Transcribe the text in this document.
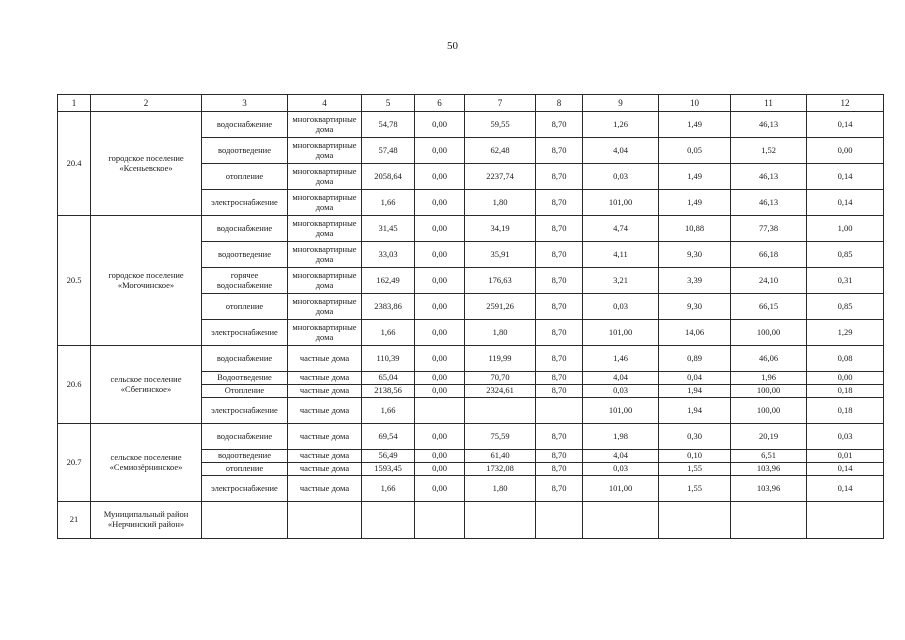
50
1	2	3	4	5	6	7	8	9	10	11	12
20.4	городское поселение «Ксеньевское»	водоснабжение	многоквартирные дома	54,78	0,00	59,55	8,70	1,26	1,49	46,13	0,14
		водоотведение	многоквартирные дома	57,48	0,00	62,48	8,70	4,04	0,05	1,52	0,00
		отопление	многоквартирные дома	2058,64	0,00	2237,74	8,70	0,03	1,49	46,13	0,14
		электроснабжение	многоквартирные дома	1,66	0,00	1,80	8,70	101,00	1,49	46,13	0,14
20.5	городское поселение «Могочинское»	водоснабжение	многоквартирные дома	31,45	0,00	34,19	8,70	4,74	10,88	77,38	1,00
		водоотведение	многоквартирные дома	33,03	0,00	35,91	8,70	4,11	9,30	66,18	0,85
		горячее водоснабжение	многоквартирные дома	162,49	0,00	176,63	8,70	3,21	3,39	24,10	0,31
		отопление	многоквартирные дома	2383,86	0,00	2591,26	8,70	0,03	9,30	66,15	0,85
		электроснабжение	многоквартирные дома	1,66	0,00	1,80	8,70	101,00	14,06	100,00	1,29
20.6	сельское поселение «Сбегинское»	водоснабжение	частные дома	110,39	0,00	119,99	8,70	1,46	0,89	46,06	0,08
		Водоотведение	частные дома	65,04	0,00	70,70	8,70	4,04	0,04	1,96	0,00
		Отопление	частные дома	2138,56	0,00	2324,61	8,70	0,03	1,94	100,00	0,18
		электроснабжение	частные дома	1,66				101,00	1,94	100,00	0,18
20.7	сельское поселение «Семиозёрнинское»	водоснабжение	частные дома	69,54	0,00	75,59	8,70	1,98	0,30	20,19	0,03
		водоотведение	частные дома	56,49	0,00	61,40	8,70	4,04	0,10	6,51	0,01
		отопление	частные дома	1593,45	0,00	1732,08	8,70	0,03	1,55	103,96	0,14
		электроснабжение	частные дома	1,66	0,00	1,80	8,70	101,00	1,55	103,96	0,14
21	Муниципальный район «Нерчинский район»										
